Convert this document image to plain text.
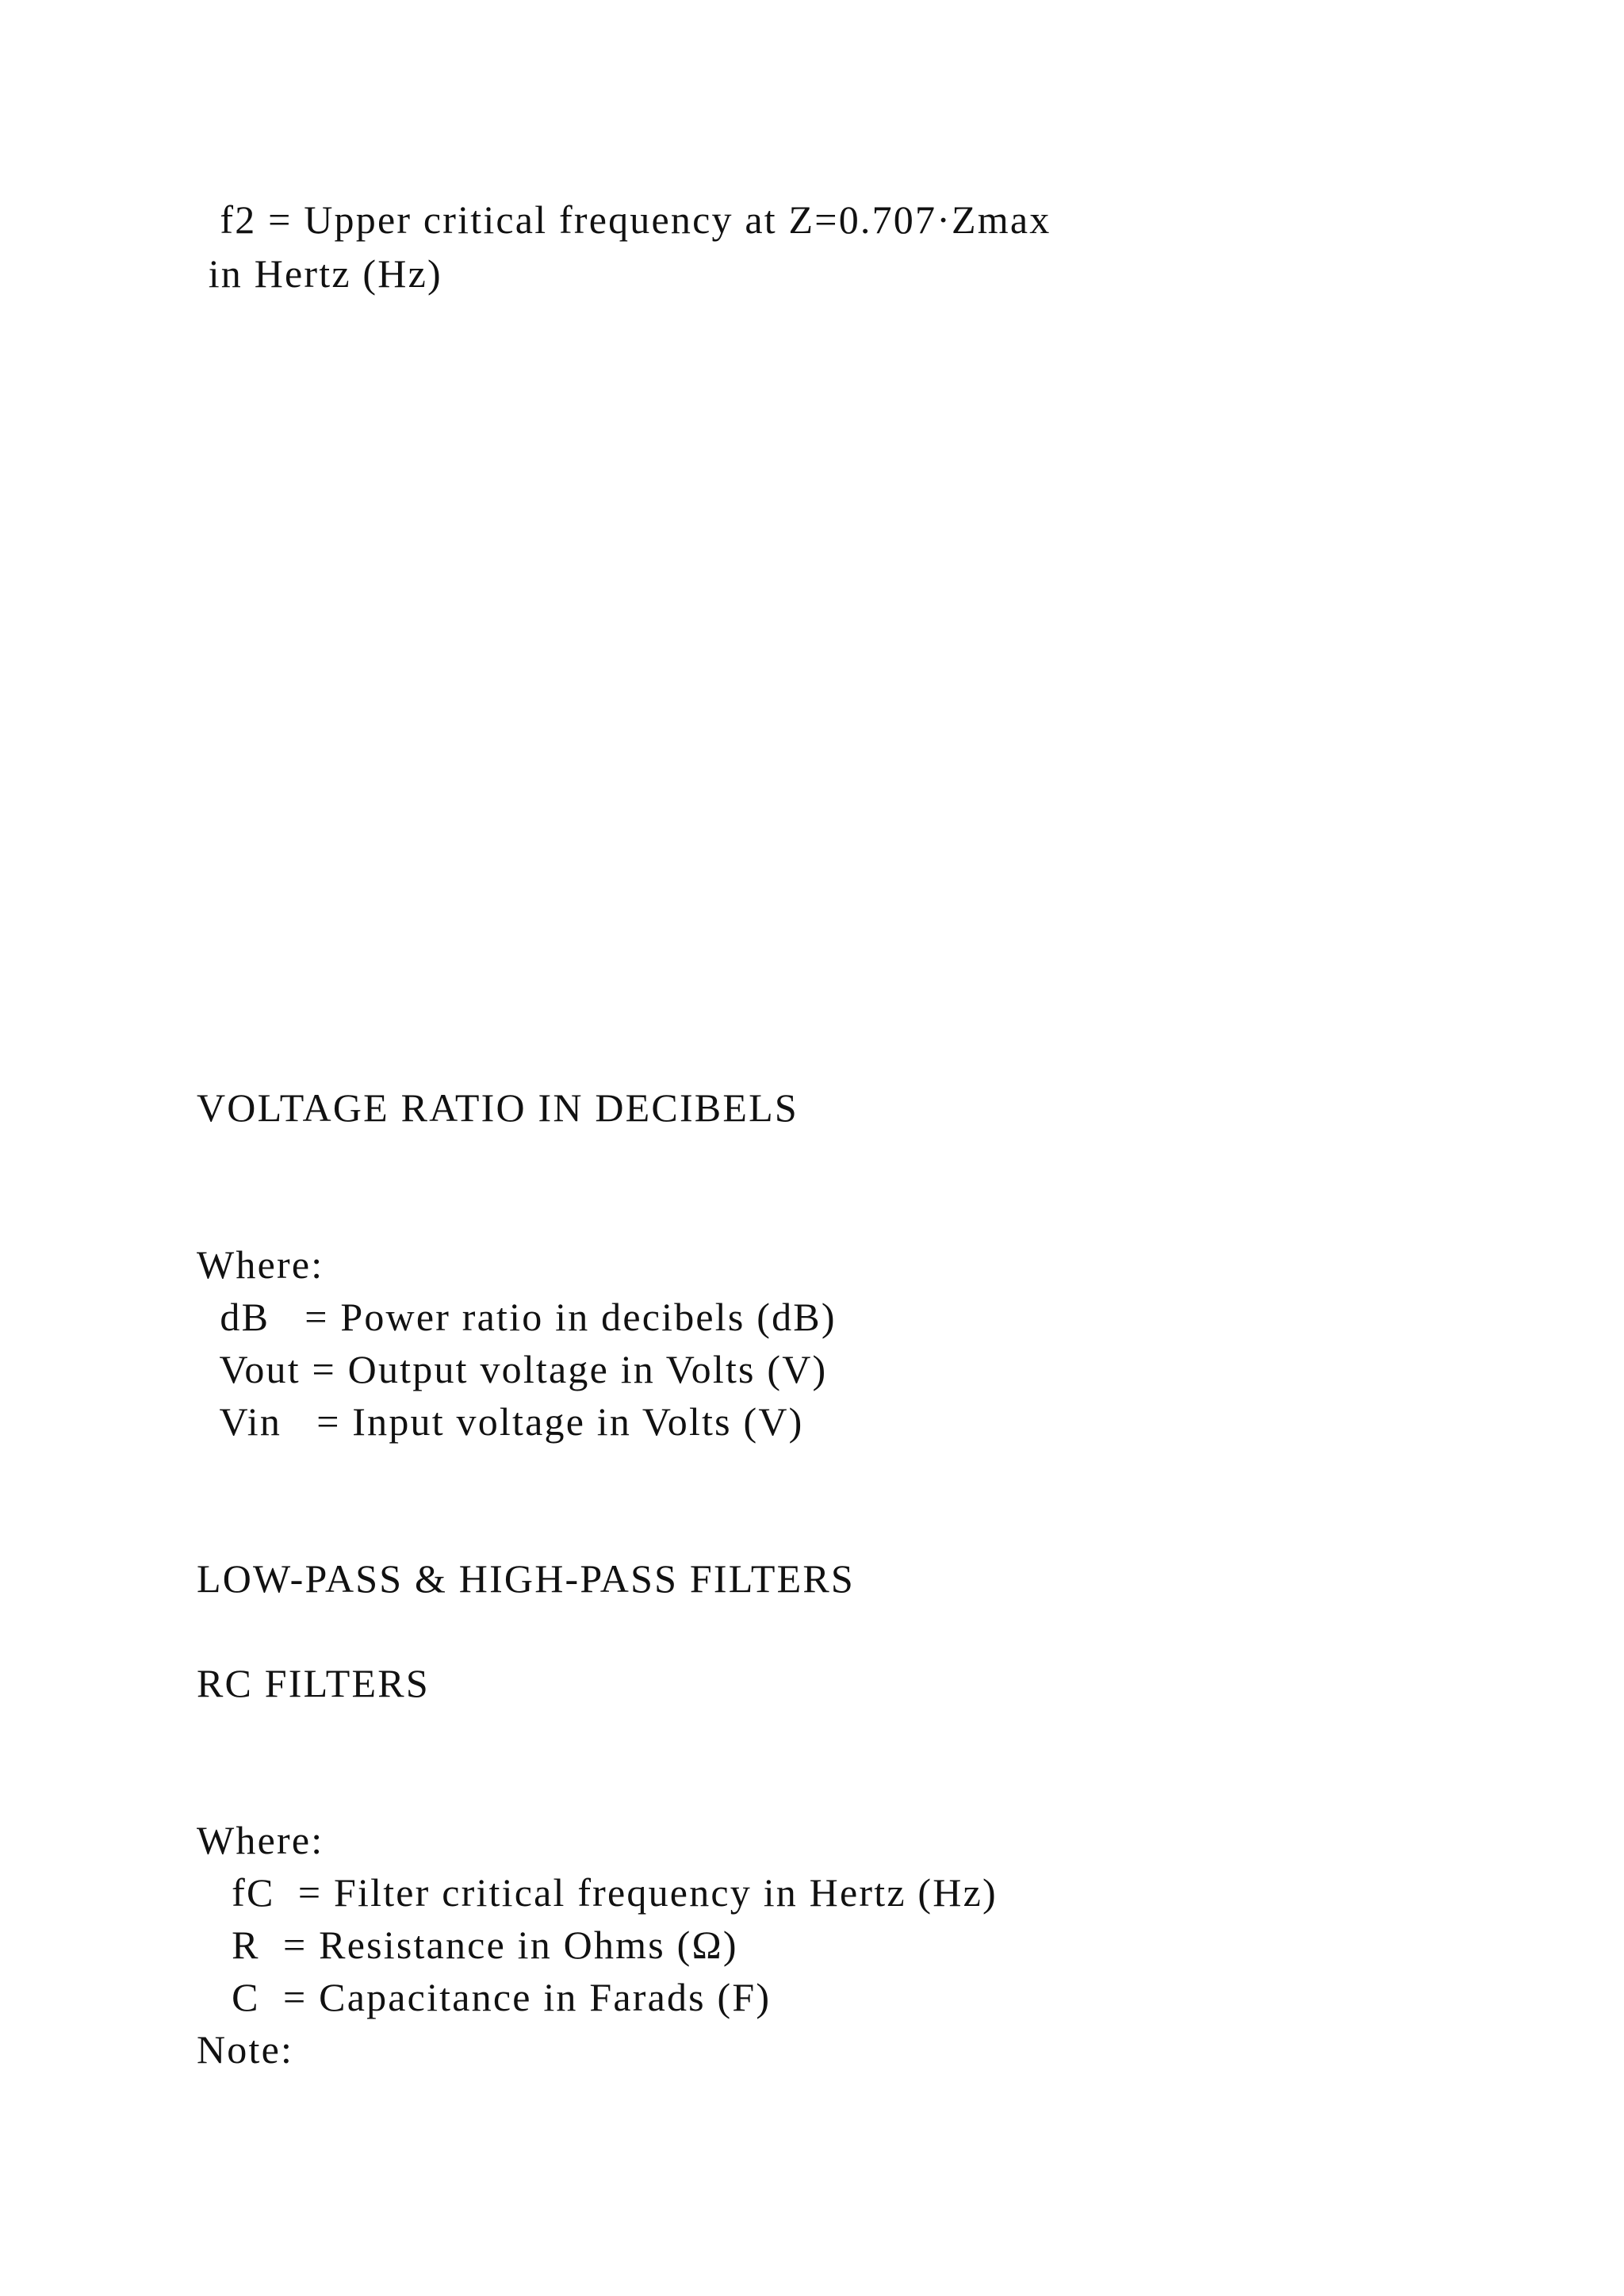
f2 = Upper critical frequency at Z=0.707·Zmax
in Hertz (Hz)
VOLTAGE RATIO IN DECIBELS
Where:
dB   = Power ratio in decibels (dB)
Vout = Output voltage in Volts (V)
Vin   = Input voltage in Volts (V)
LOW-PASS & HIGH-PASS FILTERS
RC FILTERS
Where:
fC  = Filter critical frequency in Hertz (Hz)
R  = Resistance in Ohms (Ω)
C  = Capacitance in Farads (F)
Note:
